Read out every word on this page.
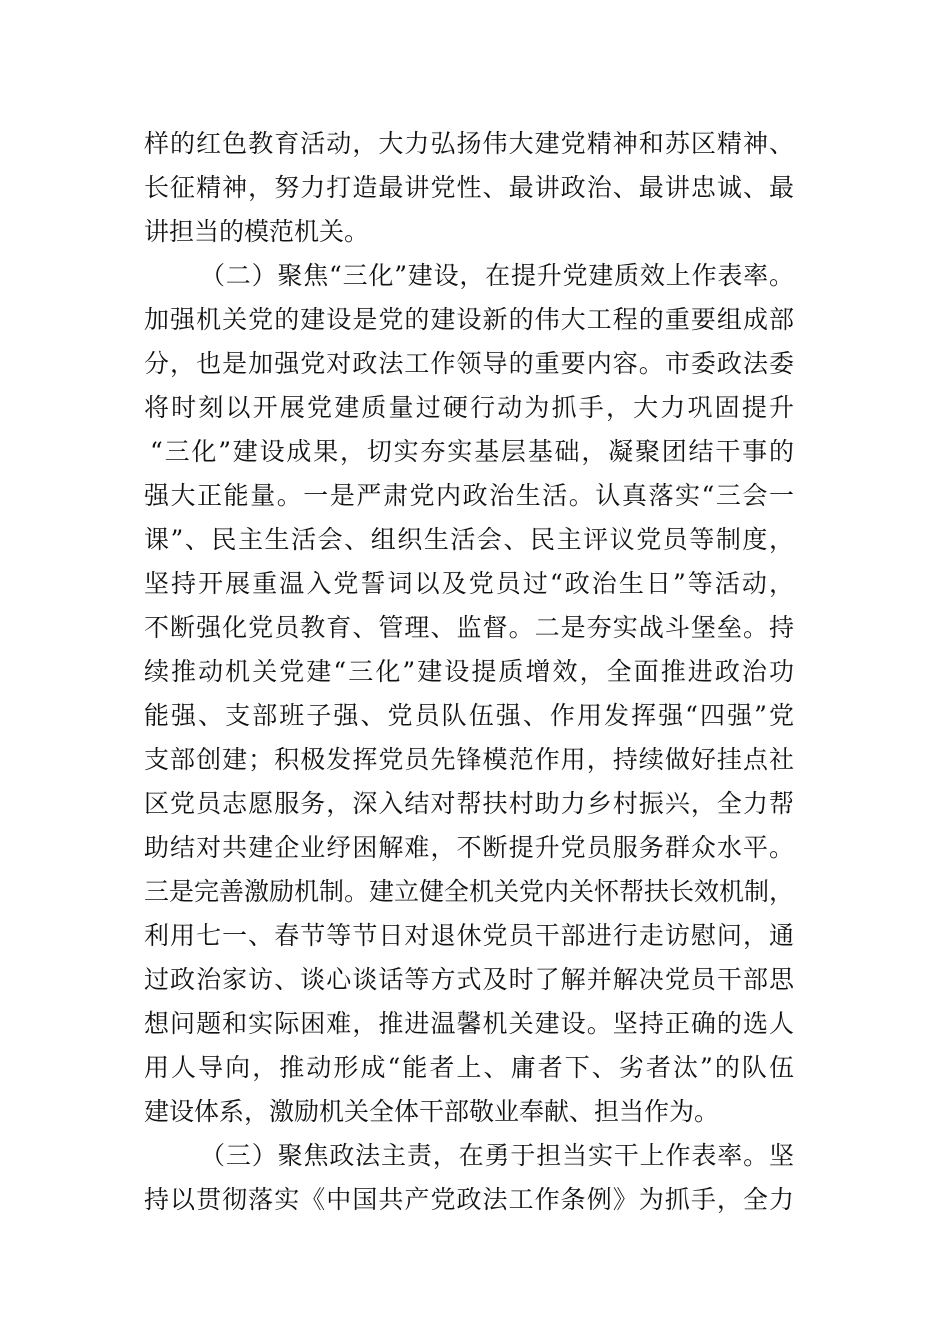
样的红色教育活动，大力弘扬伟大建党精神和苏区精神、
长征精神，努力打造最讲党性、最讲政治、最讲忠诚、最
讲担当的模范机关。
（二）聚焦“三化”建设，在提升党建质效上作表率。
加强机关党的建设是党的建设新的伟大工程的重要组成部
分，也是加强党对政法工作领导的重要内容。市委政法委
将时刻以开展党建质量过硬行动为抓手，大力巩固提升
“三化”建设成果，切实夯实基层基础，凝聚团结干事的
强大正能量。一是严肃党内政治生活。认真落实“三会一
课”、民主生活会、组织生活会、民主评议党员等制度，
坚持开展重温入党誓词以及党员过“政治生日”等活动，
不断强化党员教育、管理、监督。二是夯实战斗堡垒。持
续推动机关党建“三化”建设提质增效，全面推进政治功
能强、支部班子强、党员队伍强、作用发挥强“四强”党
支部创建；积极发挥党员先锋模范作用，持续做好挂点社
区党员志愿服务，深入结对帮扶村助力乡村振兴，全力帮
助结对共建企业纾困解难，不断提升党员服务群众水平。
三是完善激励机制。建立健全机关党内关怀帮扶长效机制，
利用七一、春节等节日对退休党员干部进行走访慰问，通
过政治家访、谈心谈话等方式及时了解并解决党员干部思
想问题和实际困难，推进温馨机关建设。坚持正确的选人
用人导向，推动形成“能者上、庸者下、劣者汰”的队伍
建设体系，激励机关全体干部敬业奉献、担当作为。
（三）聚焦政法主责，在勇于担当实干上作表率。坚
持以贯彻落实《中国共产党政法工作条例》为抓手，全力
